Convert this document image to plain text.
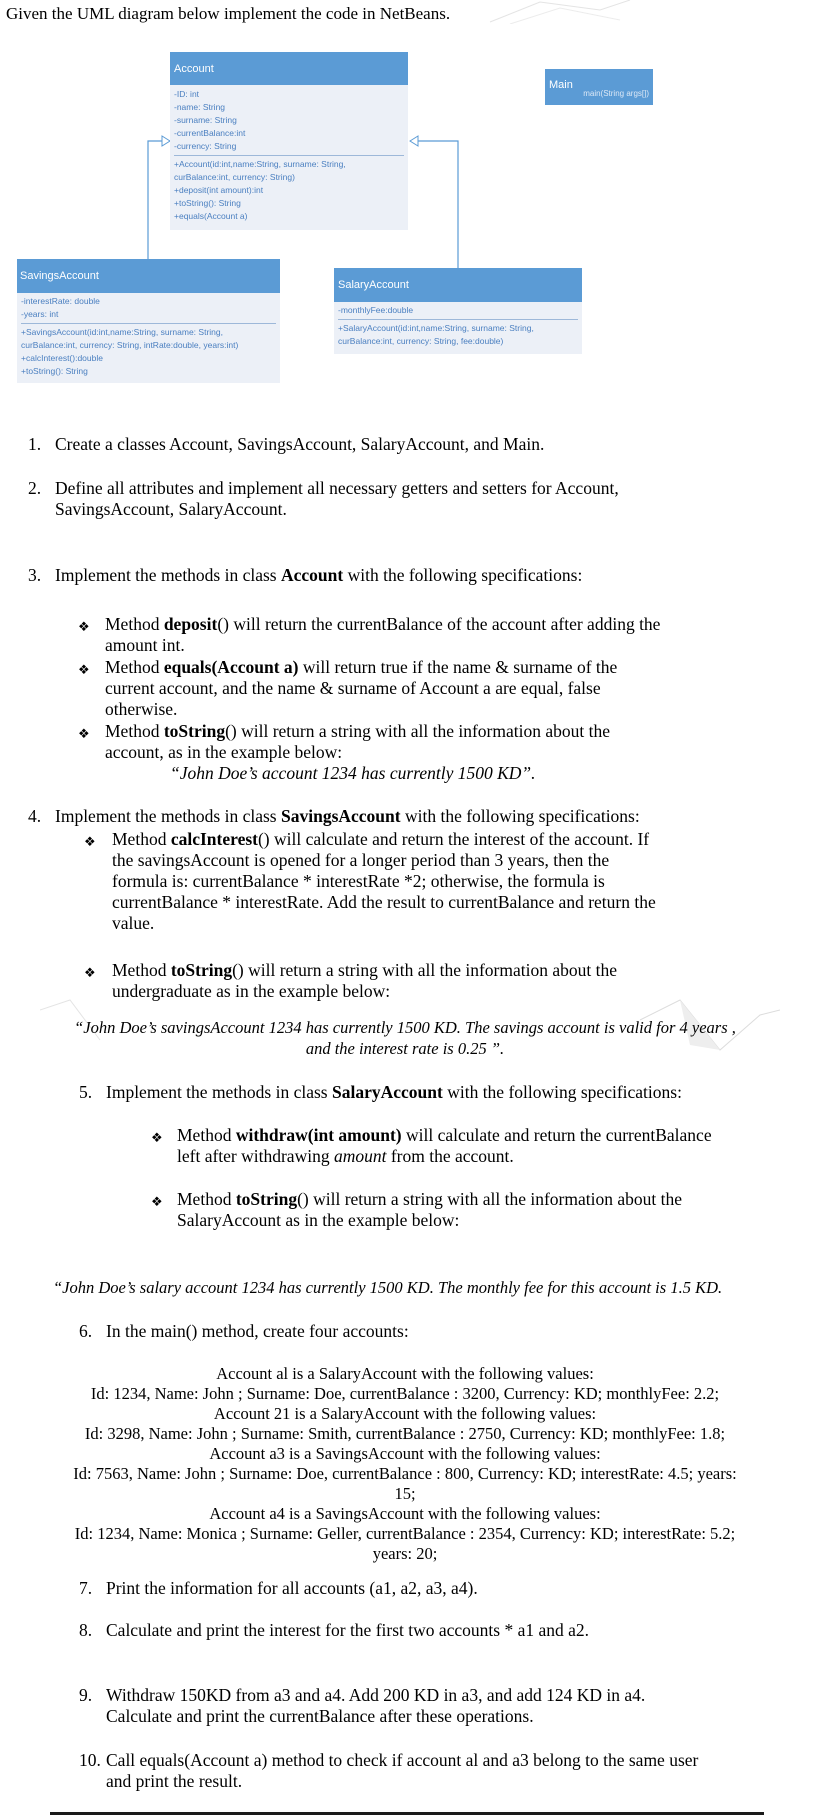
Given the UML diagram below implement the code in NetBeans.
Account
-ID: int
-name: String
-surname: String
-currentBalance:int
-currency: String
+Account(id:int,name:String, surname: String,
curBalance:int, currency: String)
+deposit(int amount):int
+toString(): String
+equals(Account a)
Main
main(String args[])
SavingsAccount
-interestRate: double
-years: int
+SavingsAccount(id:int,name:String, surname: String,
curBalance:int, currency: String, intRate:double, years:int)
+calcInterest():double
+toString(): String
SalaryAccount
-monthlyFee:double
+SalaryAccount(id:int,name:String, surname: String,
curBalance:int, currency: String, fee:double)
1. Create a classes Account, SavingsAccount, SalaryAccount, and Main.
2. Define all attributes and implement all necessary getters and setters for Account,
SavingsAccount, SalaryAccount.
3. Implement the methods in class Account with the following specifications:
❖ Method deposit() will return the currentBalance of the account after adding the
amount int.
❖ Method equals(Account a) will return true if the name & surname of the
current account, and the name & surname of Account a are equal, false
otherwise.
❖ Method toString() will return a string with all the information about the
account, as in the example below:
“John Doe’s account 1234 has currently 1500 KD”.
4. Implement the methods in class SavingsAccount with the following specifications:
❖ Method calcInterest() will calculate and return the interest of the account. If
the savingsAccount is opened for a longer period than 3 years, then the
formula is: currentBalance * interestRate *2; otherwise, the formula is
currentBalance * interestRate. Add the result to currentBalance and return the
value.
❖ Method toString() will return a string with all the information about the
undergraduate as in the example below:
“John Doe’s savingsAccount 1234 has currently 1500 KD. The savings account is valid for 4 years ,
and the interest rate is 0.25 ”.
5. Implement the methods in class SalaryAccount with the following specifications:
❖ Method withdraw(int amount) will calculate and return the currentBalance
left after withdrawing amount from the account.
❖ Method toString() will return a string with all the information about the
SalaryAccount as in the example below:
“John Doe’s salary account 1234 has currently 1500 KD. The monthly fee for this account is 1.5 KD.
6. In the main() method, create four accounts:
Account al is a SalaryAccount with the following values:
Id: 1234, Name: John ; Surname: Doe, currentBalance : 3200, Currency: KD; monthlyFee: 2.2;
Account 21 is a SalaryAccount with the following values:
Id: 3298, Name: John ; Surname: Smith, currentBalance : 2750, Currency: KD; monthlyFee: 1.8;
Account a3 is a SavingsAccount with the following values:
Id: 7563, Name: John ; Surname: Doe, currentBalance : 800, Currency: KD; interestRate: 4.5; years:
15;
Account a4 is a SavingsAccount with the following values:
Id: 1234, Name: Monica ; Surname: Geller, currentBalance : 2354, Currency: KD; interestRate: 5.2;
years: 20;
7. Print the information for all accounts (a1, a2, a3, a4).
8. Calculate and print the interest for the first two accounts * a1 and a2.
9. Withdraw 150KD from a3 and a4. Add 200 KD in a3, and add 124 KD in a4.
Calculate and print the currentBalance after these operations.
10. Call equals(Account a) method to check if account al and a3 belong to the same user
and print the result.
